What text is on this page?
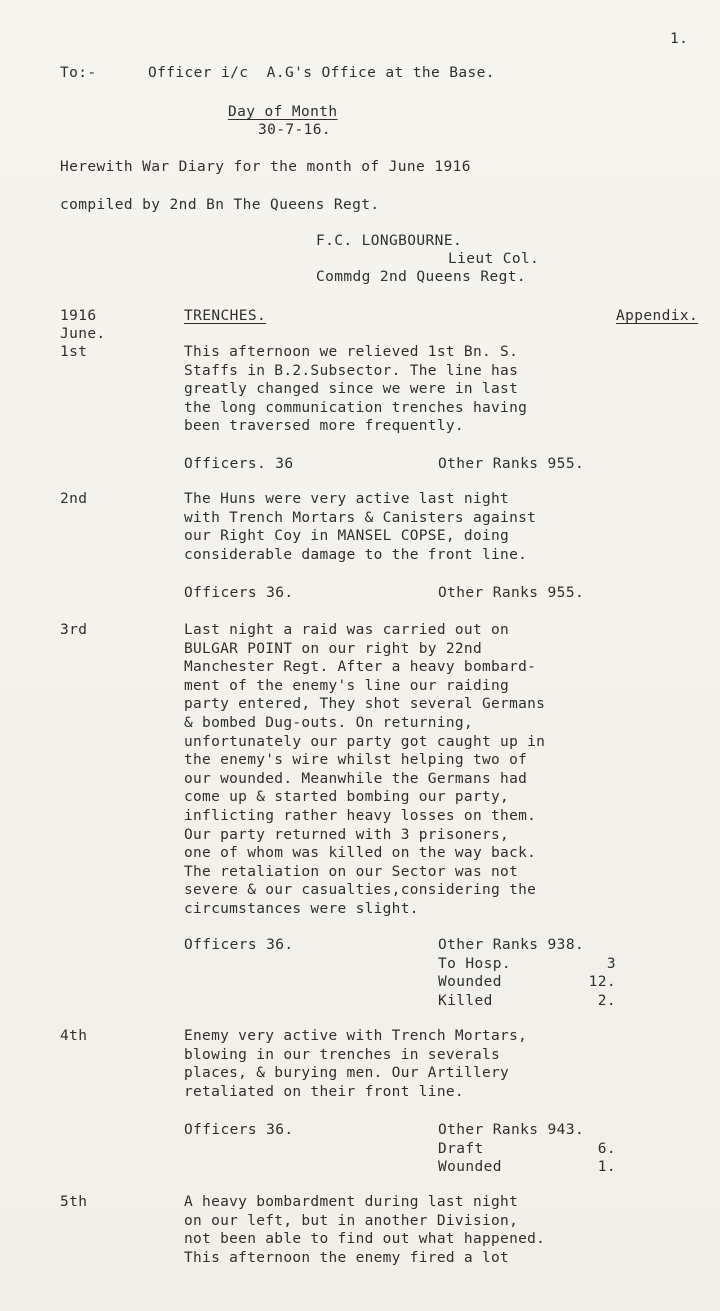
1.
To:-	Officer i/c  A.G's Office at the Base.
Day of Month
30-7-16.
Herewith War Diary for the month of June 1916
compiled by 2nd Bn The Queens Regt.
F.C. LONGBOURNE.
Lieut Col.
Commdg 2nd Queens Regt.
1916
June.
TRENCHES.	Appendix.
1st	This afternoon we relieved 1st Bn. S.
Staffs in B.2.Subsector. The line has
greatly changed since we were in last
the long communication trenches having
been traversed more frequently.
Officers. 36	Other Ranks 955.
2nd	The Huns were very active last night
with Trench Mortars & Canisters against
our Right Coy in MANSEL COPSE, doing
considerable damage to the front line.
Officers 36.	Other Ranks 955.
3rd	Last night a raid was carried out on
BULGAR POINT on our right by 22nd
Manchester Regt. After a heavy bombard-
ment of the enemy's line our raiding
party entered, They shot several Germans
& bombed Dug-outs. On returning,
unfortunately our party got caught up in
the enemy's wire whilst helping two of
our wounded. Meanwhile the Germans had
come up & started bombing our party,
inflicting rather heavy losses on them.
Our party returned with 3 prisoners,
one of whom was killed on the way back.
The retaliation on our Sector was not
severe & our casualties,considering the
circumstances were slight.
Officers 36.	Other Ranks 938.
To Hosp.	3
Wounded	12.
Killed	2.
4th	Enemy very active with Trench Mortars,
blowing in our trenches in severals
places, & burying men. Our Artillery
retaliated on their front line.
Officers 36.	Other Ranks 943.
Draft	6.
Wounded	1.
5th	A heavy bombardment during last night
on our left, but in another Division,
not been able to find out what happened.
This afternoon the enemy fired a lot
